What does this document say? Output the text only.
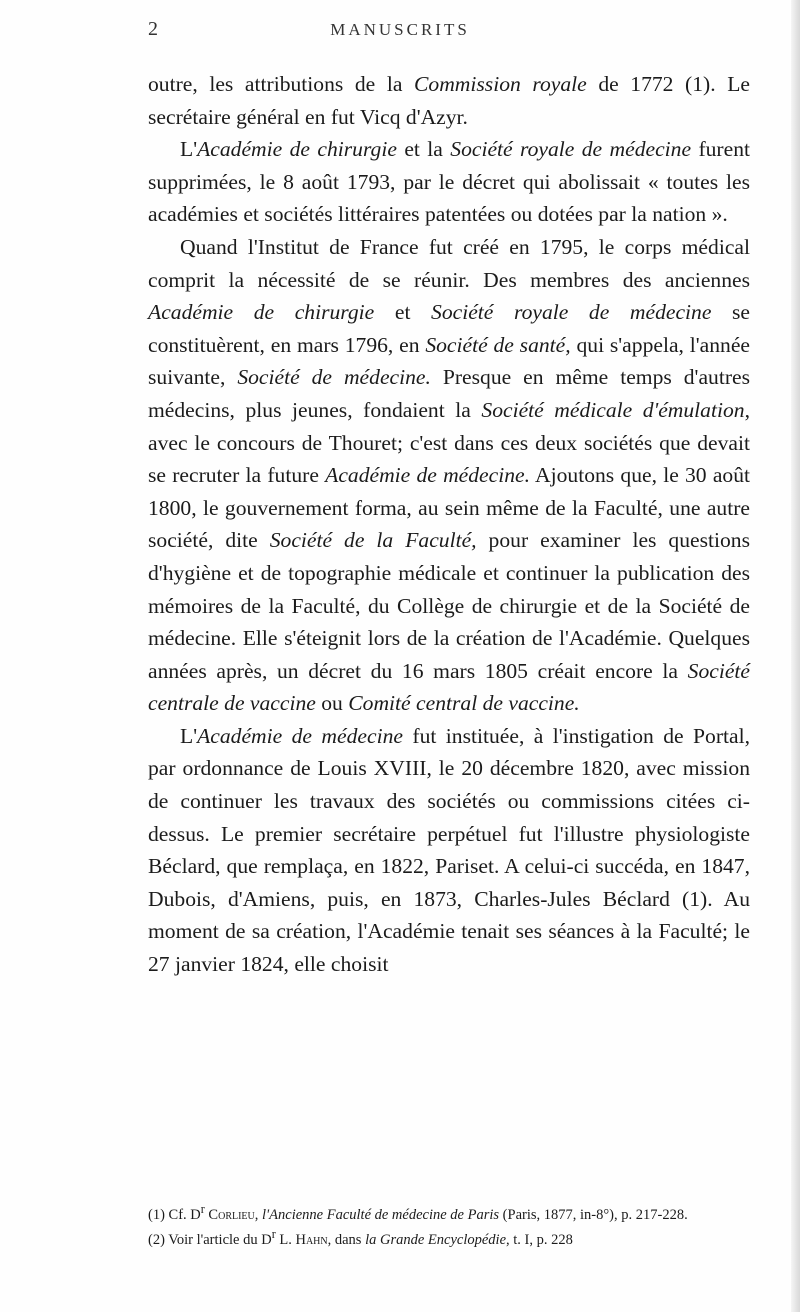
2	MANUSCRITS

outre, les attributions de la Commission royale de 1772 (1). Le secrétaire général en fut Vicq d'Azyr.

L'Académie de chirurgie et la Société royale de médecine furent supprimées, le 8 août 1793, par le décret qui abolissait « toutes les académies et sociétés littéraires patentées ou dotées par la nation ».

Quand l'Institut de France fut créé en 1795, le corps médical comprit la nécessité de se réunir. Des membres des anciennes Académie de chirurgie et Société royale de médecine se constituèrent, en mars 1796, en Société de santé, qui s'appela, l'année suivante, Société de médecine. Presque en même temps d'autres médecins, plus jeunes, fondaient la Société médicale d'émulation, avec le concours de Thouret; c'est dans ces deux sociétés que devait se recruter la future Académie de médecine. Ajoutons que, le 30 août 1800, le gouvernement forma, au sein même de la Faculté, une autre société, dite Société de la Faculté, pour examiner les questions d'hygiène et de topographie médicale et continuer la publication des mémoires de la Faculté, du Collège de chirurgie et de la Société de médecine. Elle s'éteignit lors de la création de l'Académie. Quelques années après, un décret du 16 mars 1805 créait encore la Société centrale de vaccine ou Comité central de vaccine.

L'Académie de médecine fut instituée, à l'instigation de Portal, par ordonnance de Louis XVIII, le 20 décembre 1820, avec mission de continuer les travaux des sociétés ou commissions citées ci-dessus. Le premier secrétaire perpétuel fut l'illustre physiologiste Béclard, que remplaça, en 1822, Pariset. A celui-ci succéda, en 1847, Dubois, d'Amiens, puis, en 1873, Charles-Jules Béclard (1). Au moment de sa création, l'Académie tenait ses séances à la Faculté; le 27 janvier 1824, elle choisit

(1) Cf. $D^r$ Corlieu, l'Ancienne Faculté de médecine de Paris (Paris, 1877, in-8°), p. 217-228.

(2) Voir l'article du $D^r$ L. Hahn, dans la Grande Encyclopédie, t. I, p. 228
